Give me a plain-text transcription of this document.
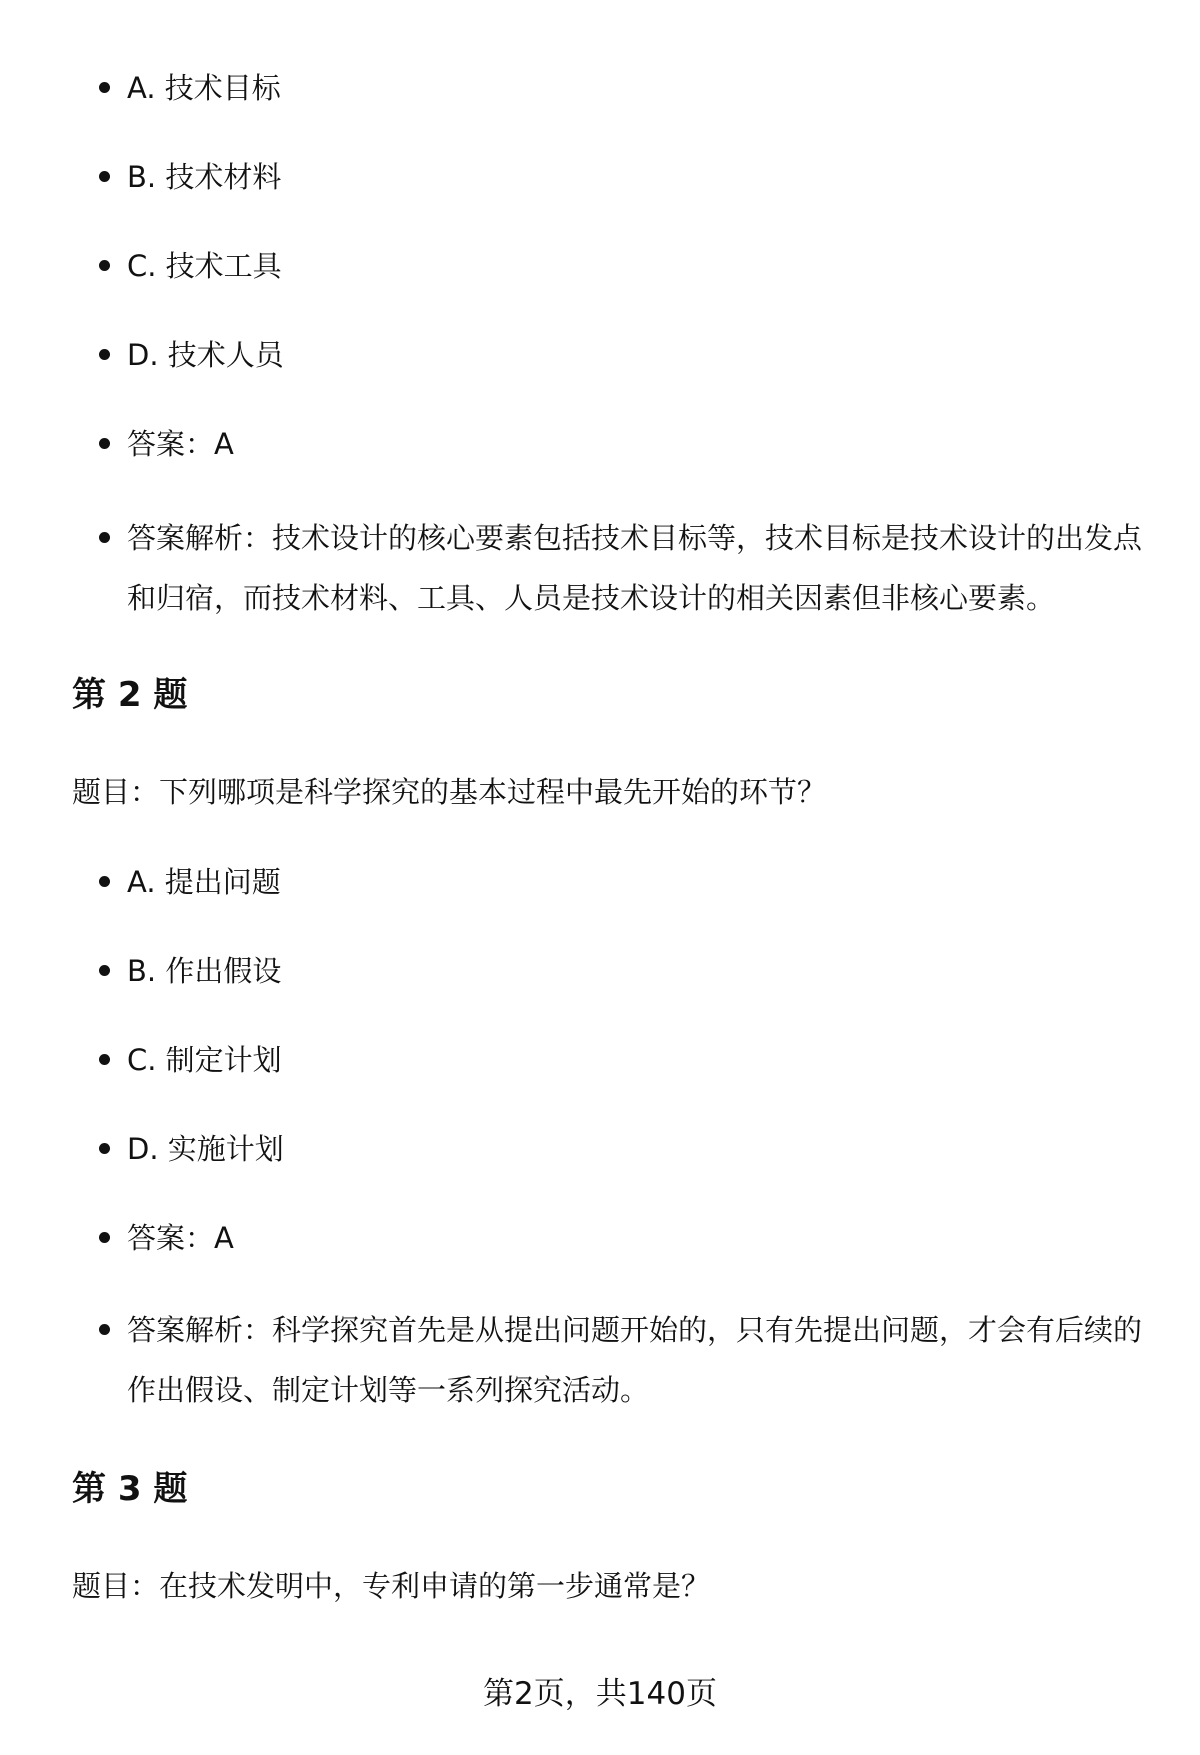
A. 技术目标
B. 技术材料
C. 技术工具
D. 技术人员
答案：A
答案解析：技术设计的核心要素包括技术目标等，技术目标是技术设计的出发点和归宿，而技术材料、工具、人员是技术设计的相关因素但非核心要素。
第 2 题

题目：下列哪项是科学探究的基本过程中最先开始的环节？

A. 提出问题
B. 作出假设
C. 制定计划
D. 实施计划
答案：A
答案解析：科学探究首先是从提出问题开始的，只有先提出问题，才会有后续的作出假设、制定计划等一系列探究活动。
第 3 题

题目：在技术发明中，专利申请的第一步通常是？

第2页，共140页
